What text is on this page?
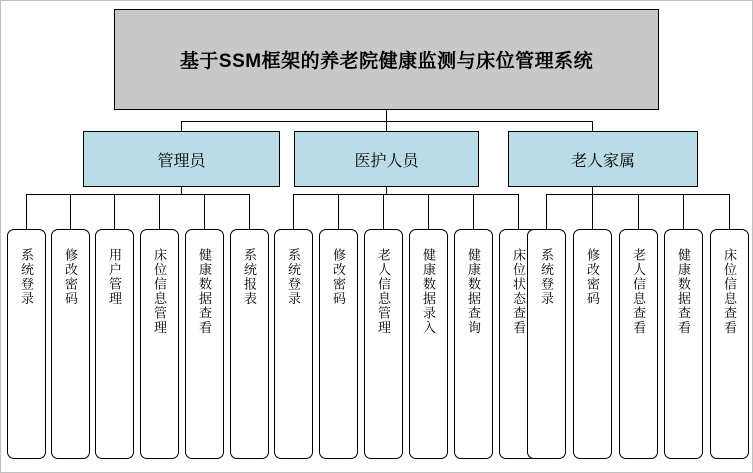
基于SSM框架的养老院健康监测与床位管理系统
管理员	医护人员	老人家属
系统登录 修改密码 用户管理 床位信息管理 健康数据查看 系统报表 系统登录 修改密码 老人信息管理 健康数据录入 健康数据查询 床位状态查看 系统登录 修改密码 老人信息查看 健康数据查看 床位信息查看
